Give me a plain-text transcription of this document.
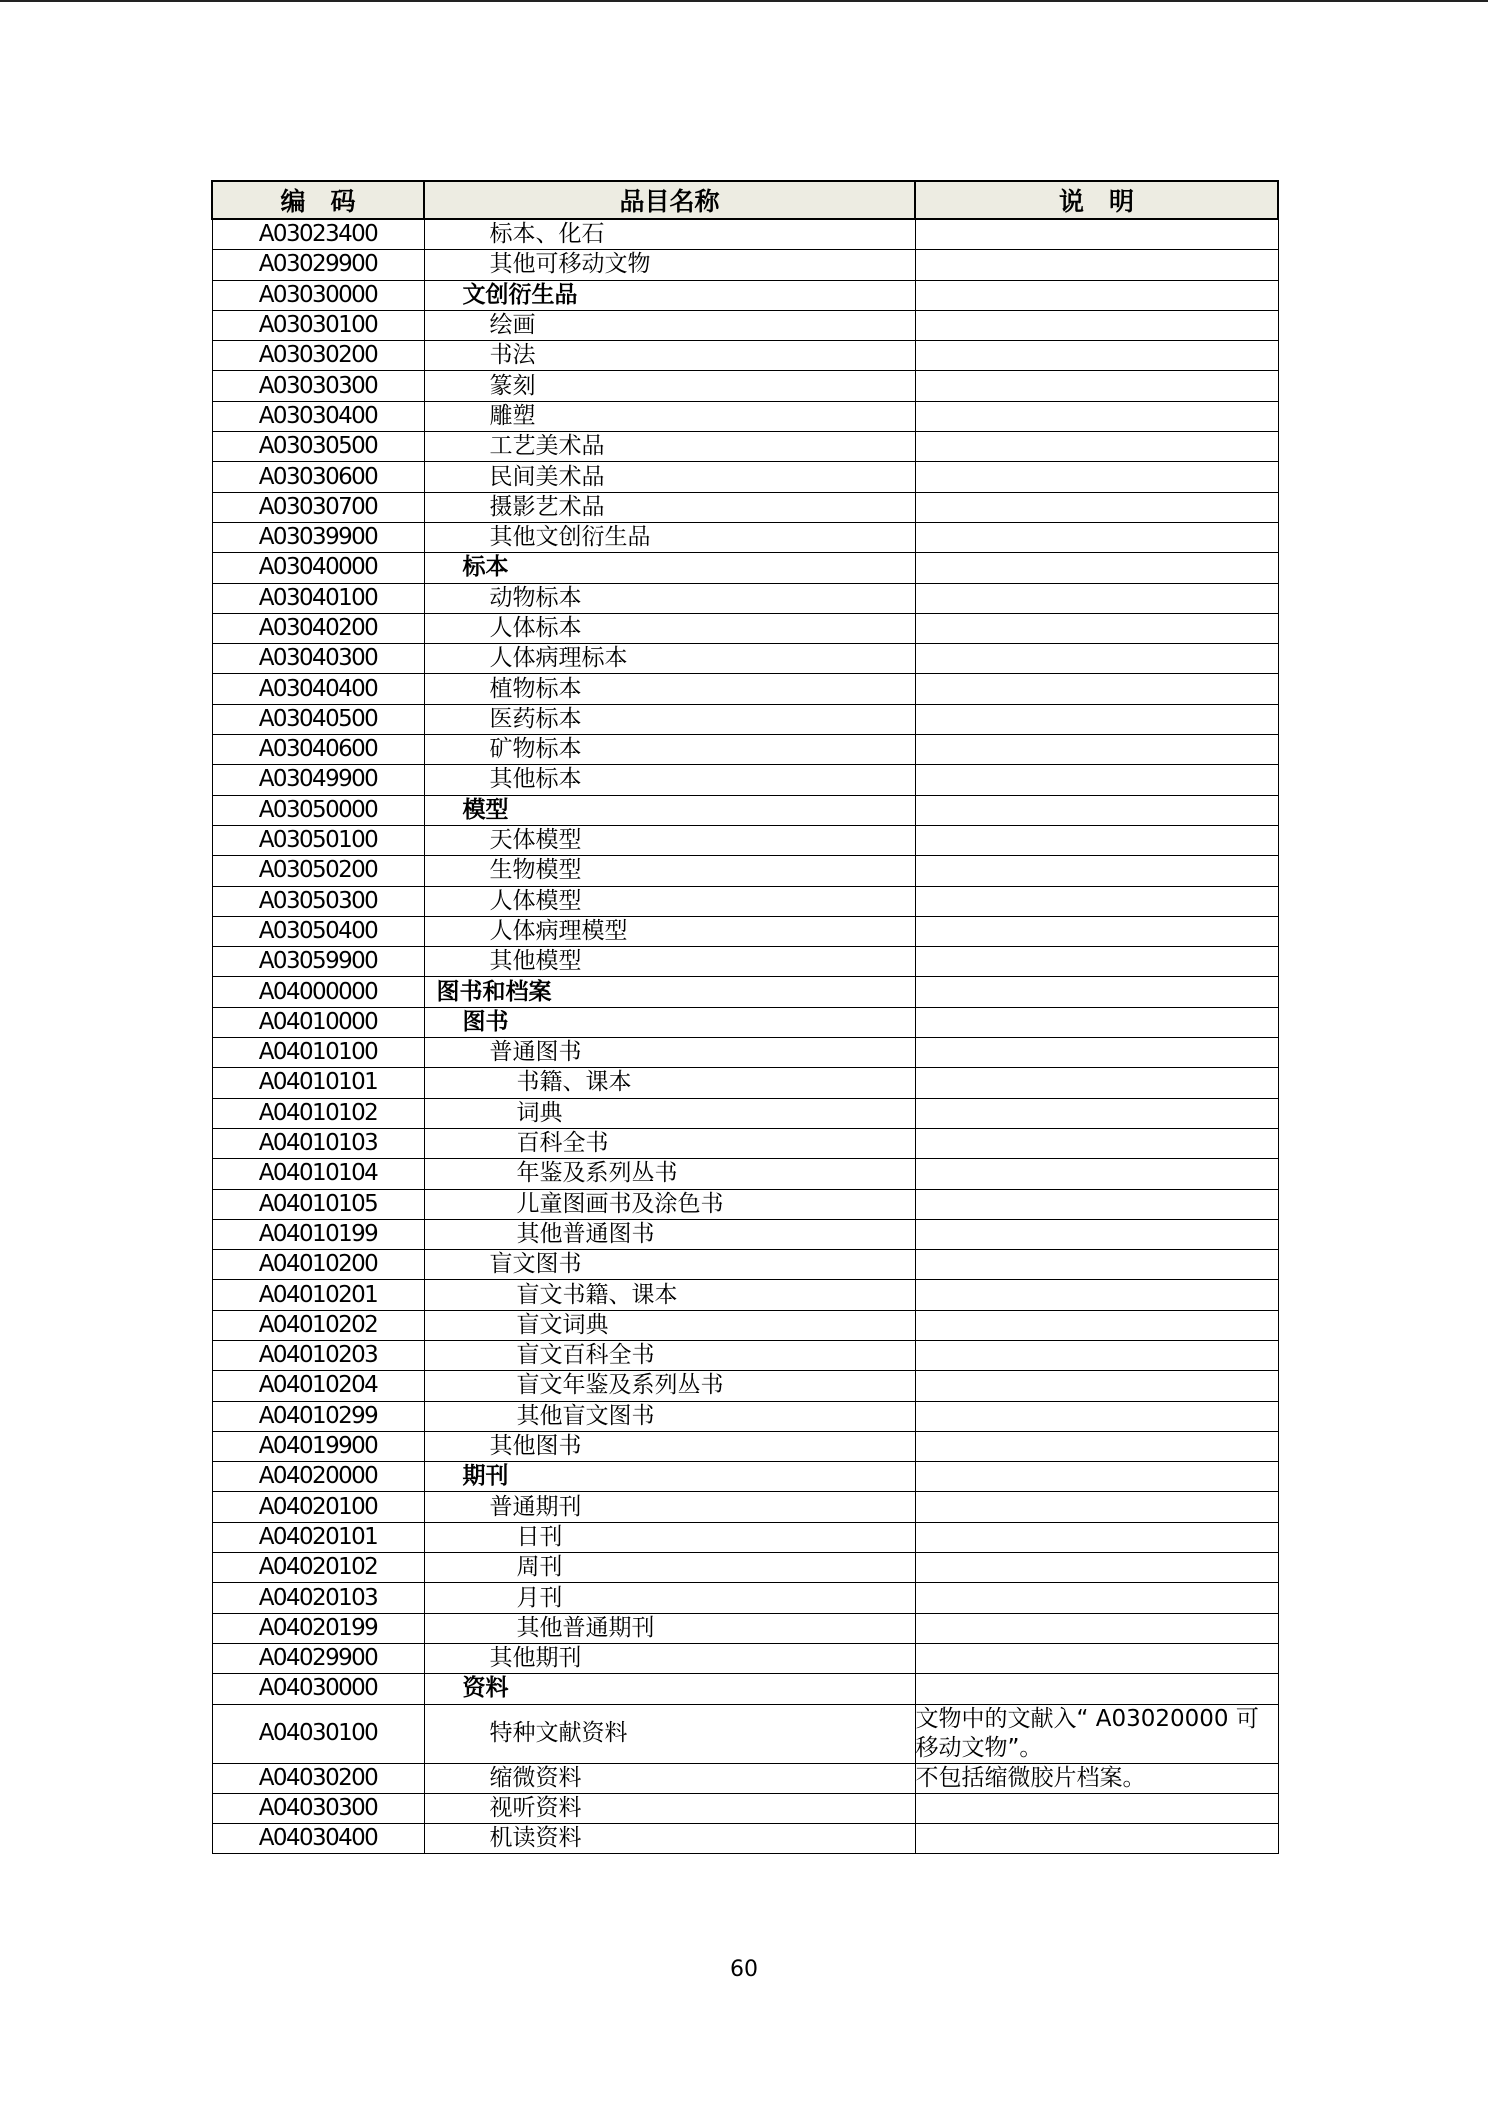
编　码	品目名称	说　明
A03023400	标本、化石	
A03029900	其他可移动文物	
A03030000	文创衍生品	
A03030100	绘画	
A03030200	书法	
A03030300	篆刻	
A03030400	雕塑	
A03030500	工艺美术品	
A03030600	民间美术品	
A03030700	摄影艺术品	
A03039900	其他文创衍生品	
A03040000	标本	
A03040100	动物标本	
A03040200	人体标本	
A03040300	人体病理标本	
A03040400	植物标本	
A03040500	医药标本	
A03040600	矿物标本	
A03049900	其他标本	
A03050000	模型	
A03050100	天体模型	
A03050200	生物模型	
A03050300	人体模型	
A03050400	人体病理模型	
A03059900	其他模型	
A04000000	图书和档案	
A04010000	图书	
A04010100	普通图书	
A04010101	书籍、课本	
A04010102	词典	
A04010103	百科全书	
A04010104	年鉴及系列丛书	
A04010105	儿童图画书及涂色书	
A04010199	其他普通图书	
A04010200	盲文图书	
A04010201	盲文书籍、课本	
A04010202	盲文词典	
A04010203	盲文百科全书	
A04010204	盲文年鉴及系列丛书	
A04010299	其他盲文图书	
A04019900	其他图书	
A04020000	期刊	
A04020100	普通期刊	
A04020101	日刊	
A04020102	周刊	
A04020103	月刊	
A04020199	其他普通期刊	
A04029900	其他期刊	
A04030000	资料	
A04030100	特种文献资料	文物中的文献入“ A03020000 可移动文物”。
A04030200	缩微资料	不包括缩微胶片档案。
A04030300	视听资料	
A04030400	机读资料	
60
